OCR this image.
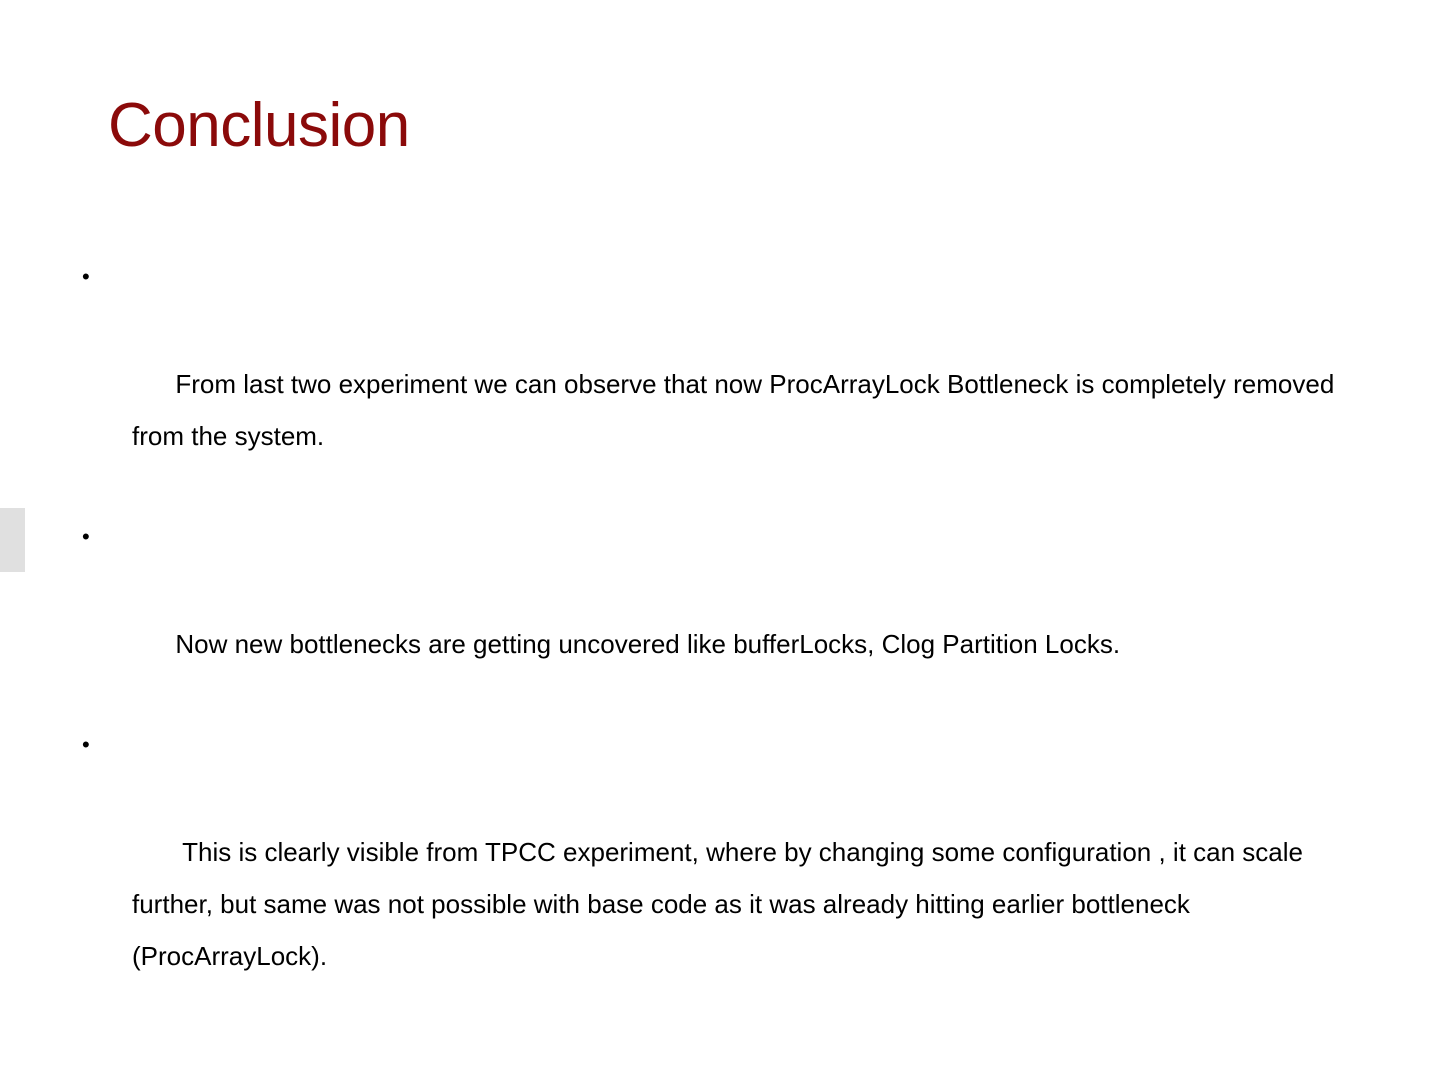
Conclusion

•

From last two experiment we can observe that now ProcArrayLock Bottleneck is completely removed from the system.

•

Now new bottlenecks are getting uncovered like bufferLocks, Clog Partition Locks.

•

This is clearly visible from TPCC experiment, where by changing some configuration , it can scale further, but same was not possible with base code as it was already hitting earlier bottleneck (ProcArrayLock).
